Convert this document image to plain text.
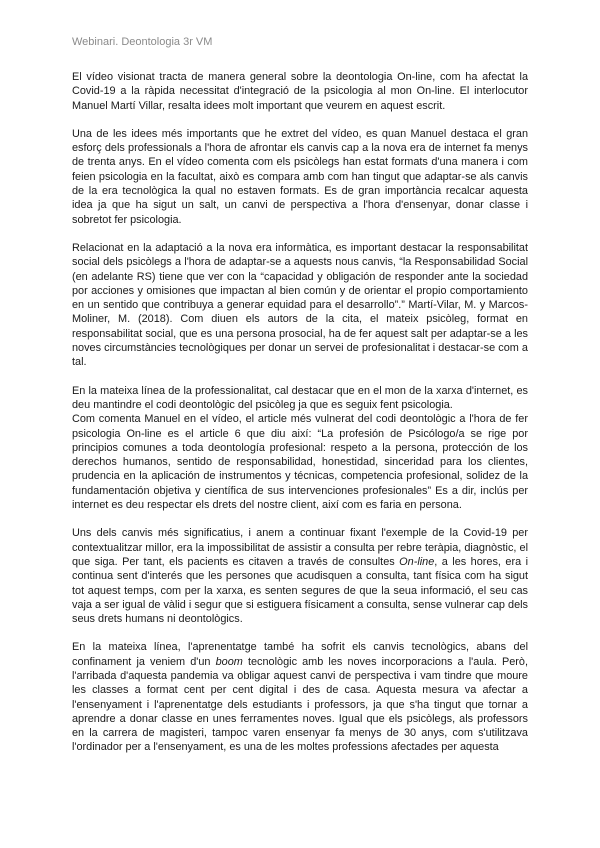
Webinari. Deontologia 3r VM

El vídeo visionat tracta de manera general sobre la deontologia On-line, com ha afectat la Covid-19 a la ràpida necessitat d'integració de la psicologia al mon On-line. El interlocutor Manuel Martí Villar, resalta idees molt important que veurem en aquest escrit.

Una de les idees més importants que he extret del vídeo, es quan Manuel destaca el gran esforç dels professionals a l'hora de afrontar els canvis cap a la nova era de internet fa menys de trenta anys. En el vídeo comenta com els psicòlegs han estat formats d'una manera i com feien psicologia en la facultat, això es compara amb com han tingut que adaptar-se als canvis de la era tecnològica la qual no estaven formats. Es de gran importància recalcar aquesta idea ja que ha sigut un salt, un canvi de perspectiva a l'hora d'ensenyar, donar classe i sobretot fer psicologia.

Relacionat en la adaptació a la nova era informàtica, es important destacar la responsabilitat social dels psicòlegs a l'hora de adaptar-se a aquests nous canvis, “la Responsabilidad Social (en adelante RS) tiene que ver con la “capacidad y obligación de responder ante la sociedad por acciones y omisiones que impactan al bien común y de orientar el propio comportamiento en un sentido que contribuya a generar equidad para el desarrollo”.” Martí-Vilar, M. y Marcos-Moliner, M. (2018). Com diuen els autors de la cita, el mateix psicòleg, format en responsabilitat social, que es una persona prosocial, ha de fer aquest salt per adaptar-se a les noves circumstàncies tecnològiques per donar un servei de profesionalitat i destacar-se com a tal.

En la mateixa línea de la professionalitat, cal destacar que en el mon de la xarxa d'internet, es deu mantindre el codi deontològic del psicòleg ja que es seguix fent psicologia.

Com comenta Manuel en el vídeo, el article més vulnerat del codi deontològic a l'hora de fer psicologia On-line es el article 6 que diu així: “La profesión de Psicólogo/a se rige por principios comunes a toda deontología profesional: respeto a la persona, protección de los derechos humanos, sentido de responsabilidad, honestidad, sinceridad para los clientes, prudencia en la aplicación de instrumentos y técnicas, competencia profesional, solidez de la fundamentación objetiva y científica de sus intervenciones profesionales” Es a dir, inclús per internet es deu respectar els drets del nostre client, així com es faria en persona.

Uns dels canvis més significatius, i anem a continuar fixant l'exemple de la Covid-19 per contextualitzar millor, era la impossibilitat de assistir a consulta per rebre teràpia, diagnòstic, el que siga. Per tant, els pacients es citaven a través de consultes On-line, a les hores, era i continua sent d'interés que les persones que acudisquen a consulta, tant física com ha sigut tot aquest temps, com per la xarxa, es senten segures de que la seua informació, el seu cas vaja a ser igual de vàlid i segur que si estiguera físicament a consulta, sense vulnerar cap dels seus drets humans ni deontològics.

En la mateixa línea, l'aprenentatge també ha sofrit els canvis tecnològics, abans del confinament ja veniem d'un boom tecnològic amb les noves incorporacions a l'aula. Però, l'arribada d'aquesta pandemia va obligar aquest canvi de perspectiva i vam tindre que moure les classes a format cent per cent digital i des de casa. Aquesta mesura va afectar a l'ensenyament i l'aprenentatge dels estudiants i professors, ja que s'ha tingut que tornar a aprendre a donar classe en unes ferramentes noves. Igual que els psicòlegs, als professors en la carrera de magisteri, tampoc varen ensenyar fa menys de 30 anys, com s'utilitzava l'ordinador per a l'ensenyament, es una de les moltes professions afectades per aquesta
